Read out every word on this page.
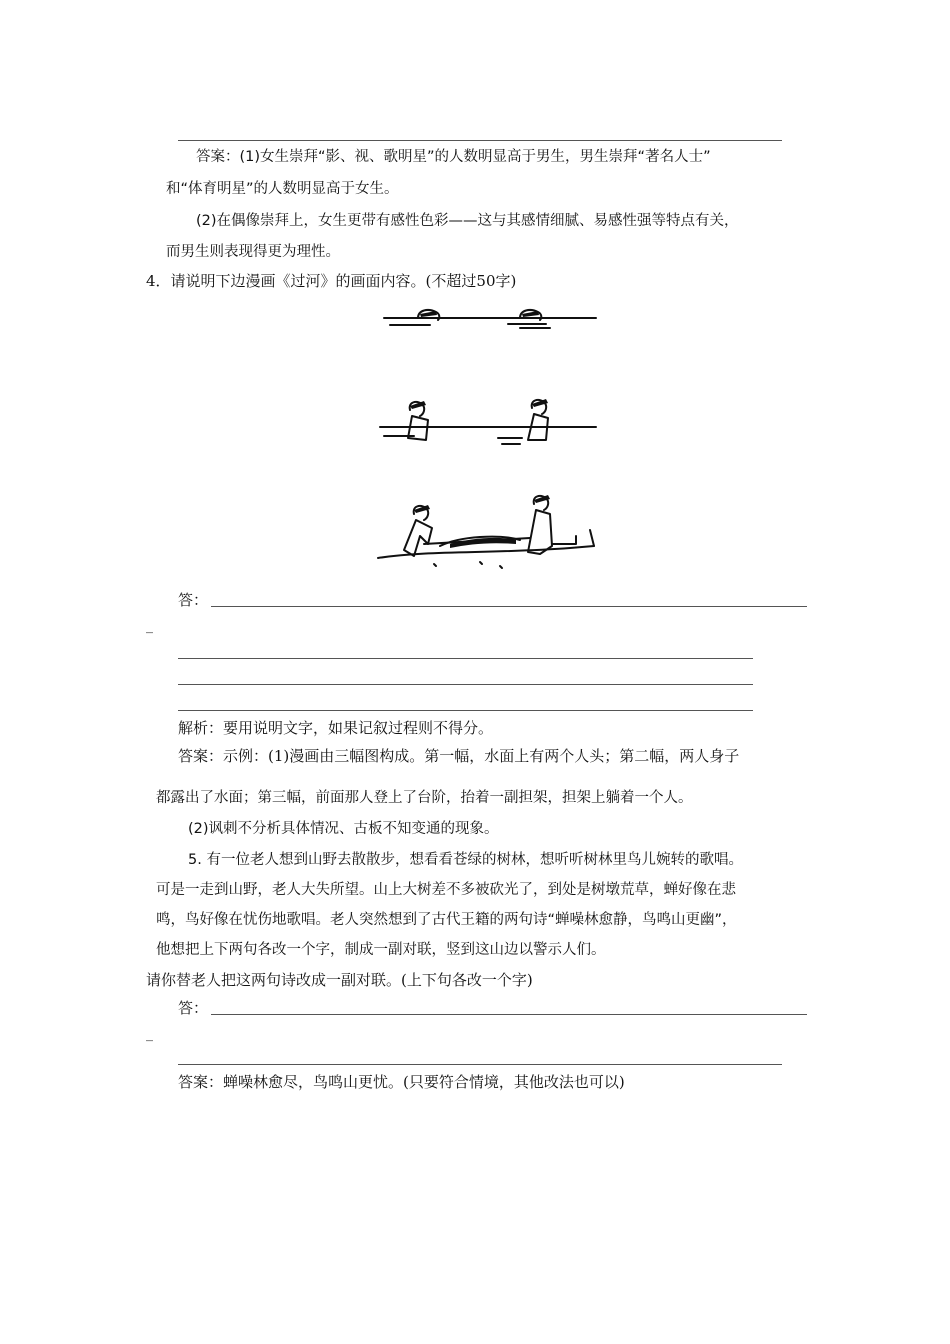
答案：(1)女生崇拜“影、视、歌明星”的人数明显高于男生，男生崇拜“著名人士”
和“体育明星”的人数明显高于女生。
(2)在偶像崇拜上，女生更带有感性色彩——这与其感情细腻、易感性强等特点有关，
而男生则表现得更为理性。
4．请说明下边漫画《过河》的画面内容。(不超过50字)
答：
_
解析：要用说明文字，如果记叙过程则不得分。
答案：示例：(1)漫画由三幅图构成。第一幅，水面上有两个人头；第二幅，两人身子
都露出了水面；第三幅，前面那人登上了台阶，抬着一副担架，担架上躺着一个人。
(2)讽刺不分析具体情况、古板不知变通的现象。
5. 有一位老人想到山野去散散步，想看看苍绿的树林，想听听树林里鸟儿婉转的歌唱。
可是一走到山野，老人大失所望。山上大树差不多被砍光了，到处是树墩荒草，蝉好像在悲
鸣，鸟好像在忧伤地歌唱。老人突然想到了古代王籍的两句诗“蝉噪林愈静，鸟鸣山更幽”，
他想把上下两句各改一个字，制成一副对联，竖到这山边以警示人们。
请你替老人把这两句诗改成一副对联。(上下句各改一个字)
答：
_
答案：蝉噪林愈尽，鸟鸣山更忧。(只要符合情境，其他改法也可以)
